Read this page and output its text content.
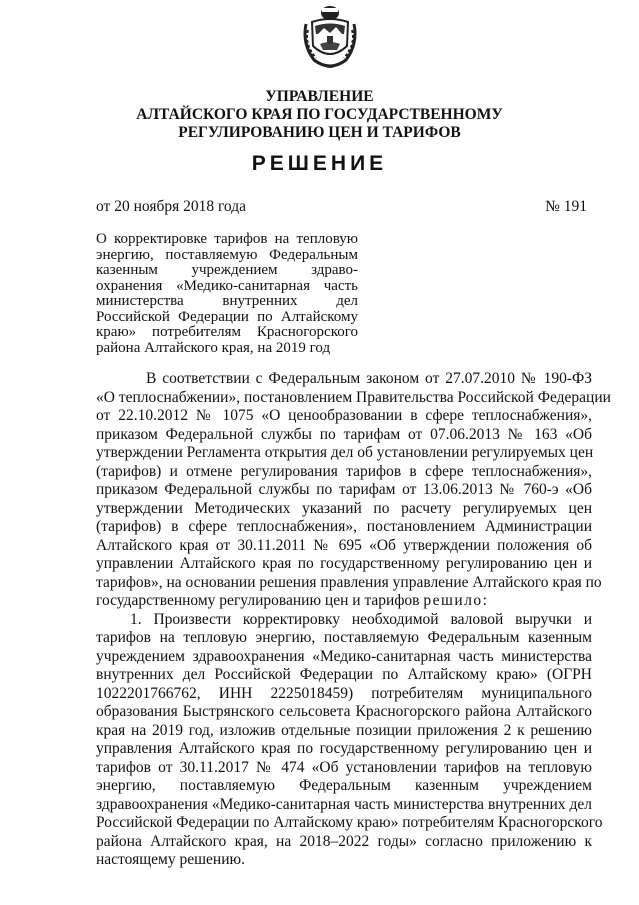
УПРАВЛЕНИЕ
АЛТАЙСКОГО КРАЯ ПО ГОСУДАРСТВЕННОМУ
РЕГУЛИРОВАНИЮ ЦЕН И ТАРИФОВ
РЕШЕНИЕ
от 20 ноября 2018 года	№ 191
О корректировке тарифов на тепловую
энергию, поставляемую Федеральным
казенным учреждением здраво-
охранения «Медико-санитарная часть
министерства внутренних дел
Российской Федерации по Алтайскому
краю» потребителям Красногорского
района Алтайского края, на 2019 год
В соответствии с Федеральным законом от 27.07.2010 № 190-ФЗ
«О теплоснабжении», постановлением Правительства Российской Федерации
от 22.10.2012 № 1075 «О ценообразовании в сфере теплоснабжения»,
приказом Федеральной службы по тарифам от 07.06.2013 № 163 «Об
утверждении Регламента открытия дел об установлении регулируемых цен
(тарифов) и отмене регулирования тарифов в сфере теплоснабжения»,
приказом Федеральной службы по тарифам от 13.06.2013 № 760-э «Об
утверждении Методических указаний по расчету регулируемых цен
(тарифов) в сфере теплоснабжения», постановлением Администрации
Алтайского края от 30.11.2011 № 695 «Об утверждении положения об
управлении Алтайского края по государственному регулированию цен и
тарифов», на основании решения правления управление Алтайского края по
государственному регулированию цен и тарифов решило:
1. Произвести корректировку необходимой валовой выручки и
тарифов на тепловую энергию, поставляемую Федеральным казенным
учреждением здравоохранения «Медико-санитарная часть министерства
внутренних дел Российской Федерации по Алтайскому краю» (ОГРН
1022201766762, ИНН 2225018459) потребителям муниципального
образования Быстрянского сельсовета Красногорского района Алтайского
края на 2019 год, изложив отдельные позиции приложения 2 к решению
управления Алтайского края по государственному регулированию цен и
тарифов от 30.11.2017 № 474 «Об установлении тарифов на тепловую
энергию, поставляемую Федеральным казенным учреждением
здравоохранения «Медико-санитарная часть министерства внутренних дел
Российской Федерации по Алтайскому краю» потребителям Красногорского
района Алтайского края, на 2018–2022 годы» согласно приложению к
настоящему решению.
